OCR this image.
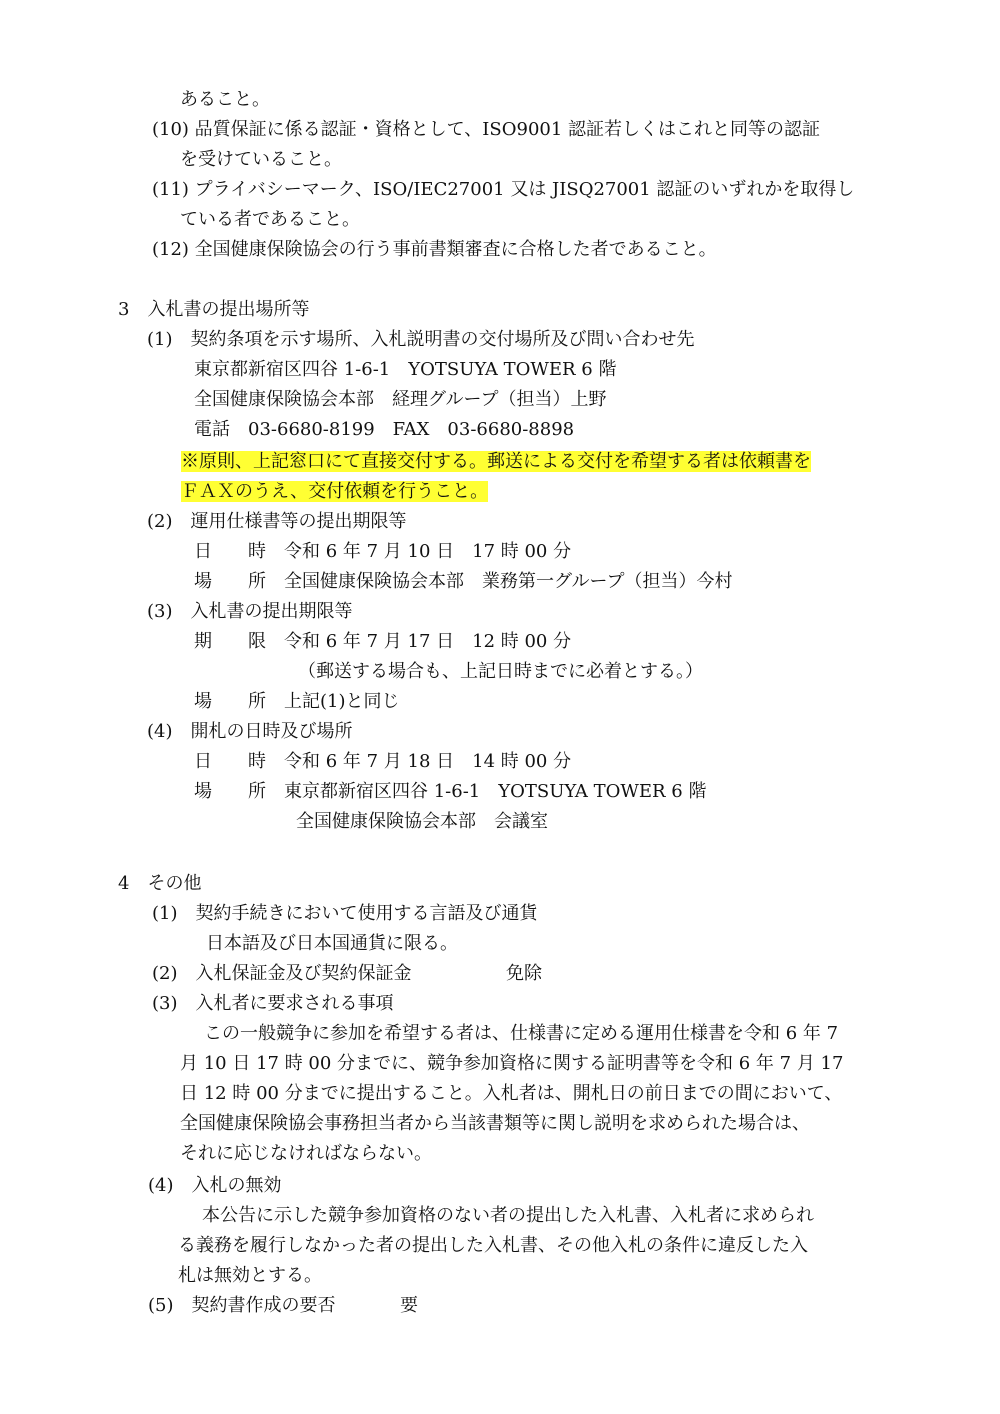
あること。
(10) 品質保証に係る認証・資格として、ISO9001 認証若しくはこれと同等の認証
を受けていること。
(11) プライバシーマーク、ISO/IEC27001 又は JISQ27001 認証のいずれかを取得し
ている者であること。
(12) 全国健康保険協会の行う事前書類審査に合格した者であること。
3　入札書の提出場所等
(1)　契約条項を示す場所、入札説明書の交付場所及び問い合わせ先
東京都新宿区四谷 1-6-1　YOTSUYA TOWER 6 階
全国健康保険協会本部　経理グループ（担当）上野
電話　03-6680-8199　FAX　03-6680-8898
※原則、上記窓口にて直接交付する。郵送による交付を希望する者は依頼書を
ＦＡＸのうえ、交付依頼を行うこと。
(2)　運用仕様書等の提出期限等
日　　時　令和 6 年 7 月 10 日　17 時 00 分
場　　所　全国健康保険協会本部　業務第一グループ（担当）今村
(3)　入札書の提出期限等
期　　限　令和 6 年 7 月 17 日　12 時 00 分
（郵送する場合も、上記日時までに必着とする。）
場　　所　上記(1)と同じ
(4)　開札の日時及び場所
日　　時　令和 6 年 7 月 18 日　14 時 00 分
場　　所　東京都新宿区四谷 1-6-1　YOTSUYA TOWER 6 階
全国健康保険協会本部　会議室
4　その他
(1)　契約手続きにおいて使用する言語及び通貨
日本語及び日本国通貨に限る。
(2)　入札保証金及び契約保証金	免除
(3)　入札者に要求される事項
この一般競争に参加を希望する者は、仕様書に定める運用仕様書を令和 6 年 7
月 10 日 17 時 00 分までに、競争参加資格に関する証明書等を令和 6 年 7 月 17
日 12 時 00 分までに提出すること。入札者は、開札日の前日までの間において、
全国健康保険協会事務担当者から当該書類等に関し説明を求められた場合は、
それに応じなければならない。
(4)　入札の無効
本公告に示した競争参加資格のない者の提出した入札書、入札者に求められ
る義務を履行しなかった者の提出した入札書、その他入札の条件に違反した入
札は無効とする。
(5)　契約書作成の要否	要
